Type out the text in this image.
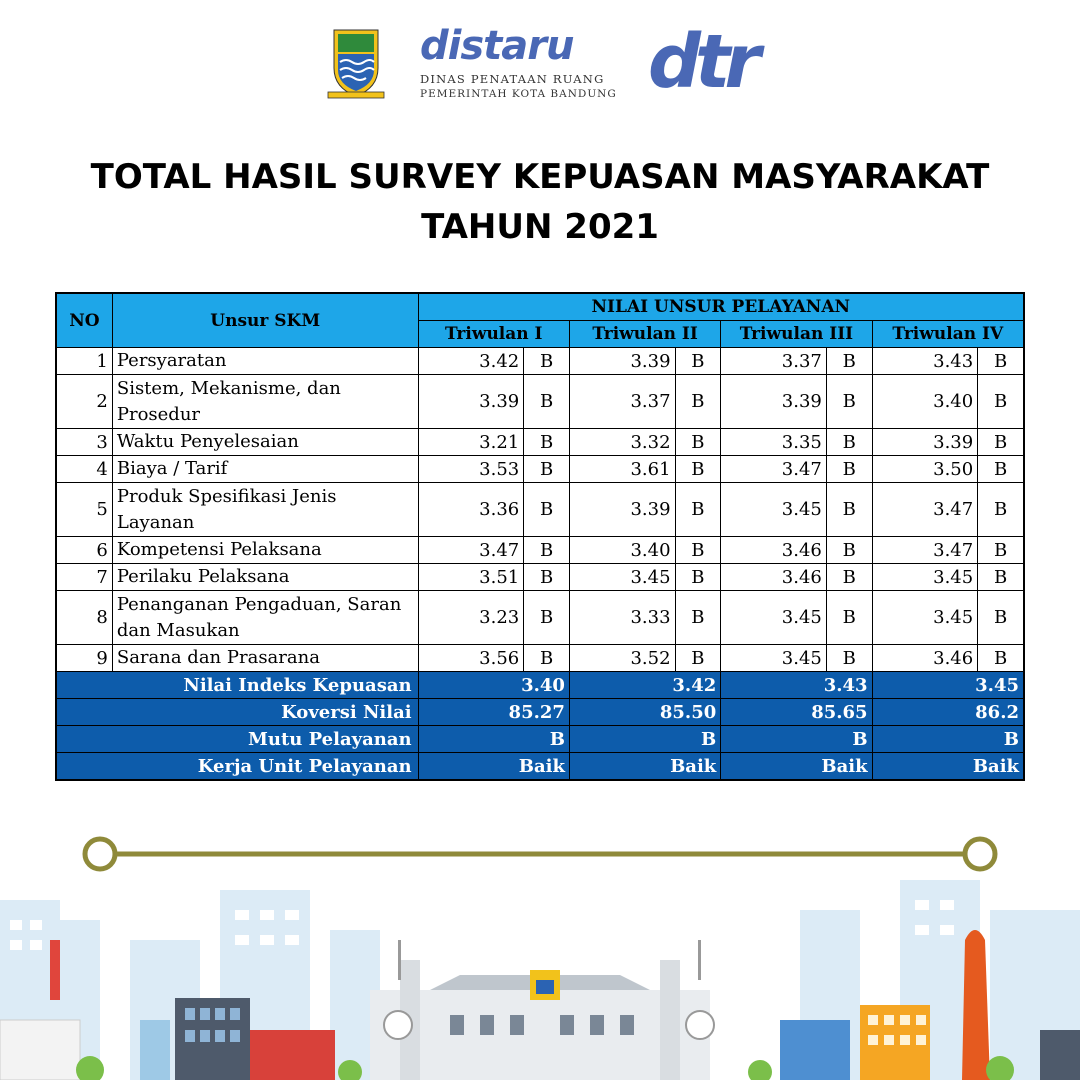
distaru
DINAS PENATAAN RUANG
PEMERINTAH KOTA BANDUNG dtr
TOTAL HASIL SURVEY KEPUASAN MASYARAKAT
TAHUN 2021
NO	Unsur SKM	NILAI UNSUR PELAYANAN							
		Triwulan I		Triwulan II		Triwulan III		Triwulan IV	
1	Persyaratan	3.42	B	3.39	B	3.37	B	3.43	B
2	Sistem, Mekanisme, dan Prosedur	3.39	B	3.37	B	3.39	B	3.40	B
3	Waktu Penyelesaian	3.21	B	3.32	B	3.35	B	3.39	B
4	Biaya / Tarif	3.53	B	3.61	B	3.47	B	3.50	B
5	Produk Spesifikasi Jenis Layanan	3.36	B	3.39	B	3.45	B	3.47	B
6	Kompetensi Pelaksana	3.47	B	3.40	B	3.46	B	3.47	B
7	Perilaku Pelaksana	3.51	B	3.45	B	3.46	B	3.45	B
8	Penanganan Pengaduan, Saran dan Masukan	3.23	B	3.33	B	3.45	B	3.45	B
9	Sarana dan Prasarana	3.56	B	3.52	B	3.45	B	3.46	B
Nilai Indeks Kepuasan		3.40		3.42		3.43		3.45	
Koversi Nilai		85.27		85.50		85.65		86.2	
Mutu Pelayanan		B		B		B		B	
Kerja Unit Pelayanan		Baik		Baik		Baik		Baik	
